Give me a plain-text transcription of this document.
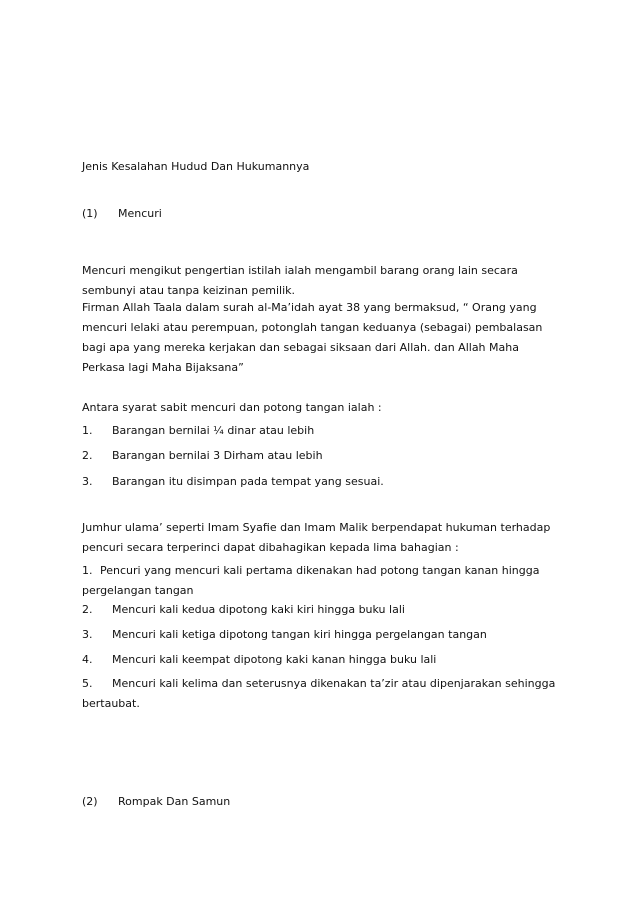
Jenis Kesalahan Hudud Dan Hukumannya
(1) Mencuri
Mencuri mengikut pengertian istilah ialah mengambil barang orang lain secara sembunyi atau tanpa keizinan pemilik.
Firman Allah Taala dalam surah al-Ma’idah ayat 38 yang bermaksud, “ Orang yang mencuri lelaki atau perempuan, potonglah tangan keduanya (sebagai) pembalasan bagi apa yang mereka kerjakan dan sebagai siksaan dari Allah. dan Allah Maha Perkasa lagi Maha Bijaksana”
Antara syarat sabit mencuri dan potong tangan ialah :
1. Barangan bernilai ¼ dinar atau lebih
2. Barangan bernilai 3 Dirham atau lebih
3. Barangan itu disimpan pada tempat yang sesuai.
Jumhur ulama’ seperti Imam Syafie dan Imam Malik berpendapat hukuman terhadap pencuri secara terperinci dapat dibahagikan kepada lima bahagian :
1. Pencuri yang mencuri kali pertama dikenakan had potong tangan kanan hingga pergelangan tangan
2. Mencuri kali kedua dipotong kaki kiri hingga buku lali
3. Mencuri kali ketiga dipotong tangan kiri hingga pergelangan tangan
4. Mencuri kali keempat dipotong kaki kanan hingga buku lali
5. Mencuri kali kelima dan seterusnya dikenakan ta’zir atau dipenjarakan sehingga bertaubat.
(2) Rompak Dan Samun
